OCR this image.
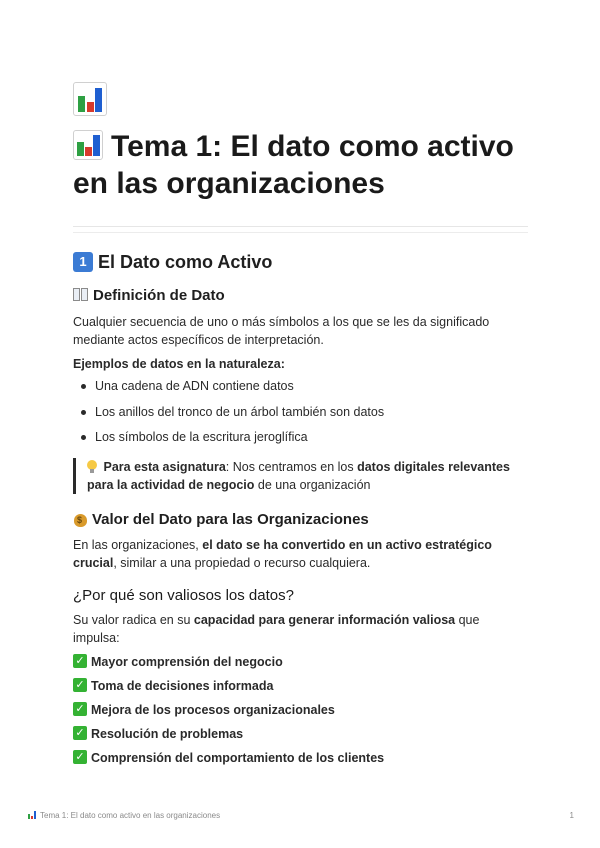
Tema 1: El dato como activo en las organizaciones
1 El Dato como Activo
Definición de Dato

Cualquier secuencia de uno o más símbolos a los que se les da significado mediante actos específicos de interpretación.

Ejemplos de datos en la naturaleza:

Una cadena de ADN contiene datos
Los anillos del tronco de un árbol también son datos
Los símbolos de la escritura jeroglífica
Para esta asignatura: Nos centramos en los datos digitales relevantes para la actividad de negocio de una organización
$Valor del Dato para las Organizaciones

En las organizaciones, el dato se ha convertido en un activo estratégico crucial, similar a una propiedad o recurso cualquiera.

¿Por qué son valiosos los datos?

Su valor radica en su capacidad para generar información valiosa que impulsa:

✓ Mayor comprensión del negocio
✓ Toma de decisiones informada
✓ Mejora de los procesos organizacionales
✓ Resolución de problemas
✓ Comprensión del comportamiento de los clientes
Tema 1: El dato como activo en las organizaciones	1
